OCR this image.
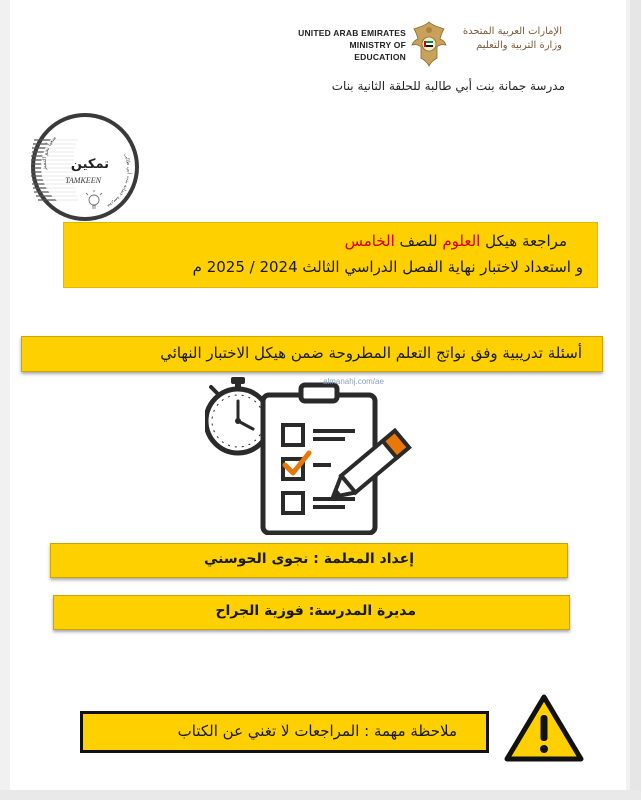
UNITED ARAB EMIRATES
MINISTRY OF EDUCATION
الإمارات العربية المتحدة
وزارة التربية والتعليم
مدرسة جمانة بنت أبي طالبة للحلقة الثانية بنات
سعياً نحو التميز
مدرسة جمانة بنت أبي طالب
تمكين
TAMKEEN
مراجعة هيكل العلوم للصف الخامس
و استعداد لاختبار نهاية الفصل الدراسي الثالث 2024 / 2025 م
أسئلة تدريبية وفق نواتج التعلم المطروحة ضمن هيكل الاختبار النهائي
almanahj.com/ae
إعداد المعلمة : نجوى الحوسني
مديرة المدرسة: فوزية الجراح
ملاحظة مهمة : المراجعات لا تغني عن الكتاب
